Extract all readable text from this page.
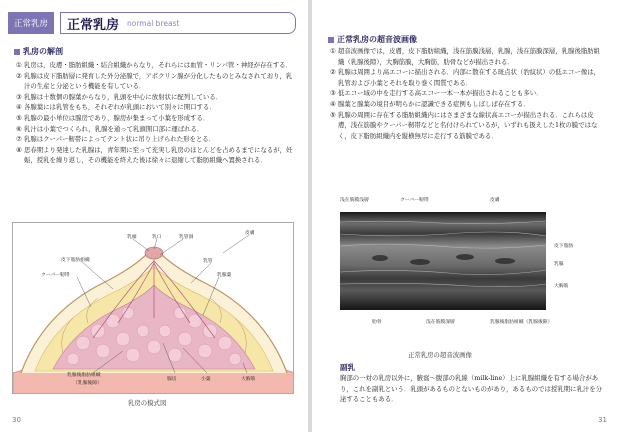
正常乳房	正常乳房 normal breast
乳房の解剖
① 乳房は，皮膚・脂肪組織・結合組織からなり，それらには血管・リンパ管・神経が存在する．
② 乳腺は皮下脂肪層に発育した外分泌腺で，アポクリン腺が分化したものとみなされており，乳汁の生産と分泌という機能を有している．
③ 乳腺は十数個の腺葉からなり，乳頭を中心に放射状に配列している．
④ 各腺葉には乳管をもち，それぞれが乳頭において別々に開口する．
⑤ 乳腺の最小単位は腺房であり，腺房が集まって小葉を形成する．
⑥ 乳汁は小葉でつくられ，乳腺を通って乳頭開口部に運ばれる．
⑦ 乳腺はクーパー靭帯によってテント状に吊り上げられた形をとる．
⑧ 思春期より発達した乳腺は，青年期に至って充実し乳房のほとんどを占めるまでになるが，妊娠，授乳を繰り返し，その機能を終えた後は徐々に退縮して脂肪組織へ置換される．
乳頭	乳口	乳管洞
皮膚
皮下脂肪組織	乳管
クーパー靭帯	乳腺葉
乳腺後脂肪組織
（乳腺後隙）
腺房	小葉	大胸筋
乳房の模式図
30
正常乳房の超音波画像
① 超音波画像では，皮膚，皮下脂肪組織，浅在筋膜浅層，乳腺，浅在筋膜深層，乳腺後脂肪組織（乳腺後隙），大胸筋膜，大胸筋，肋骨などが描出される．
② 乳腺は周囲より高エコーに描出される．内部に散在する斑点状（豹紋状）の低エコー像は，乳管および小葉とそれを取り巻く間質である．
③ 低エコー域の中を走行する高エコー一本一本が描出されることも多い．
④ 腺葉と腺葉の境目が明らかに認識できる症例もしばしば存在する．
⑤ 乳腺の周囲に存在する脂肪組織内にはさまざまな線状高エコーが描出される．これらは皮膚，浅在筋膜やクーパー靭帯などと名付けられているが，いずれも扱えした1枚の膜ではなく，皮下脂肪組織内を縦横無尽に走行する筋膜である．
浅在筋膜浅層	クーパー靭帯	皮膚
皮下脂肪
乳腺
大胸筋
肋骨	浅在筋膜深層	乳腺後脂肪組織（乳腺後隙）
正常乳房の超音波画像
副乳
胸部の一対の乳房以外に，腋窩～腹部の乳線（milk-line）上に乳腺組織を有する場合があり，これを副乳という．乳頭があるものとないものがあり，あるものでは授乳期に乳汁を分泌することもある．
31
